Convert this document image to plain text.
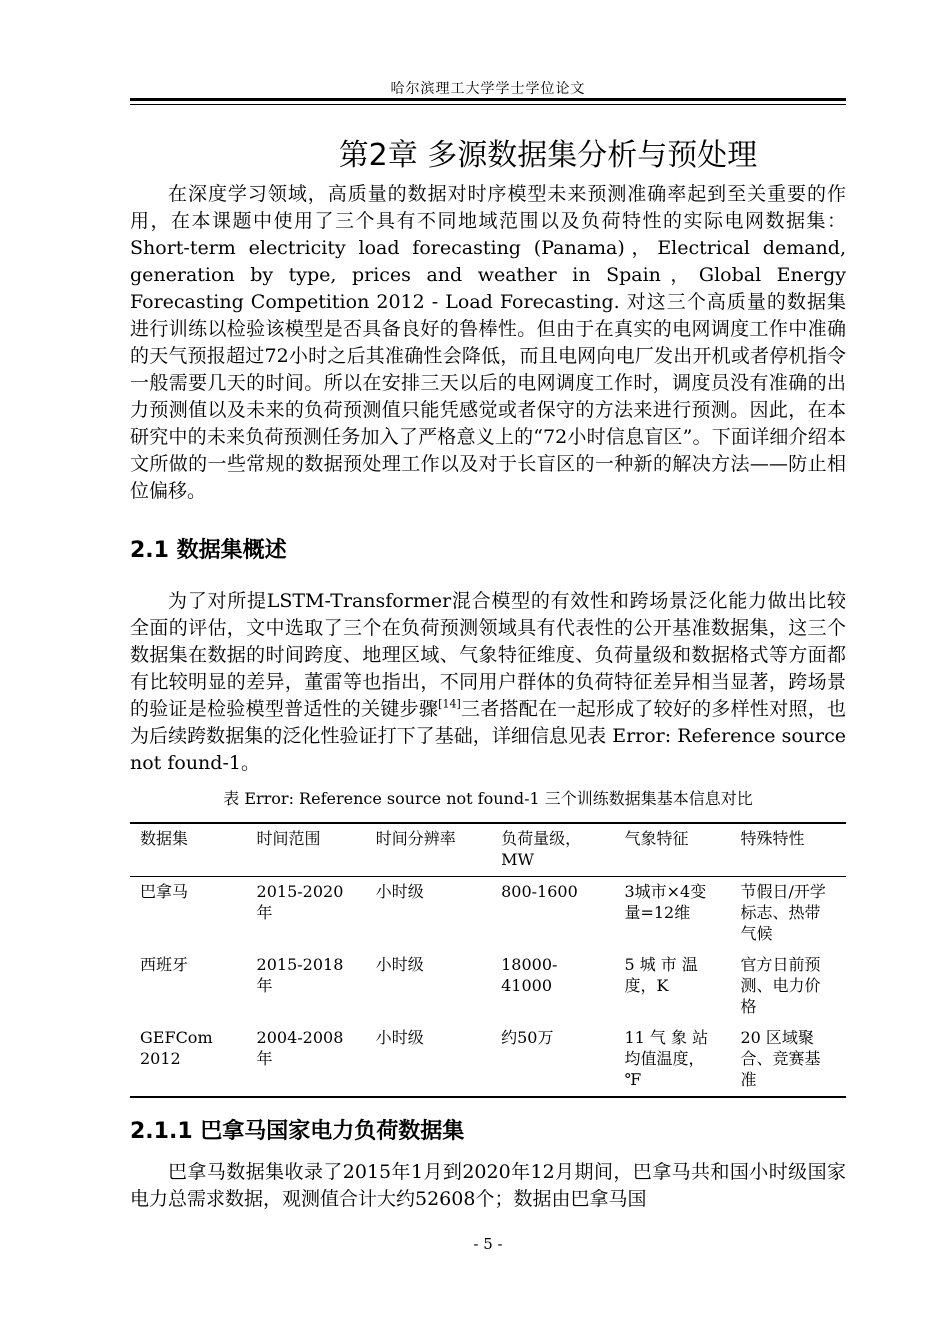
哈尔滨理工大学学士学位论文
第2章 多源数据集分析与预处理

在深度学习领域，高质量的数据对时序模型未来预测准确率起到至关重要的作用，在本课题中使用了三个具有不同地域范围以及负荷特性的实际电网数据集：Short-term electricity load forecasting (Panama)，Electrical demand, generation by type, prices and weather in Spain，Global Energy Forecasting Competition 2012 - Load Forecasting. 对这三个高质量的数据集进行训练以检验该模型是否具备良好的鲁棒性。但由于在真实的电网调度工作中准确的天气预报超过72小时之后其准确性会降低，而且电网向电厂发出开机或者停机指令一般需要几天的时间。所以在安排三天以后的电网调度工作时，调度员没有准确的出力预测值以及未来的负荷预测值只能凭感觉或者保守的方法来进行预测。因此，在本研究中的未来负荷预测任务加入了严格意义上的“72小时信息盲区”。下面详细介绍本文所做的一些常规的数据预处理工作以及对于长盲区的一种新的解决方法——防止相位偏移。

2.1 数据集概述

为了对所提LSTM-Transformer混合模型的有效性和跨场景泛化能力做出比较全面的评估，文中选取了三个在负荷预测领域具有代表性的公开基准数据集，这三个数据集在数据的时间跨度、地理区域、气象特征维度、负荷量级和数据格式等方面都有比较明显的差异，董雷等也指出，不同用户群体的负荷特征差异相当显著，跨场景的验证是检验模型普适性的关键步骤[14]三者搭配在一起形成了较好的多样性对照，也为后续跨数据集的泛化性验证打下了基础，详细信息见表 Error: Reference source not found-1。

表 Error: Reference source not found-1 三个训练数据集基本信息对比
数据集	时间范围	时间分辨率	负荷量级，MW	气象特征	特殊特性
巴拿马	2015-2020年	小时级	800-1600	3城市×4变量=12维	节假日/开学标志、热带气候
西班牙	2015-2018年	小时级	18000-41000	5 城 市 温 度，K	官方日前预测、电力价格
GEFCom 2012	2004-2008年	小时级	约50万	11 气 象 站 均值温度，℉	20 区域聚合、竞赛基准
2.1.1 巴拿马国家电力负荷数据集

巴拿马数据集收录了2015年1月到2020年12月期间，巴拿马共和国小时级国家电力总需求数据，观测值合计大约52608个；数据由巴拿马国

- 5 -
